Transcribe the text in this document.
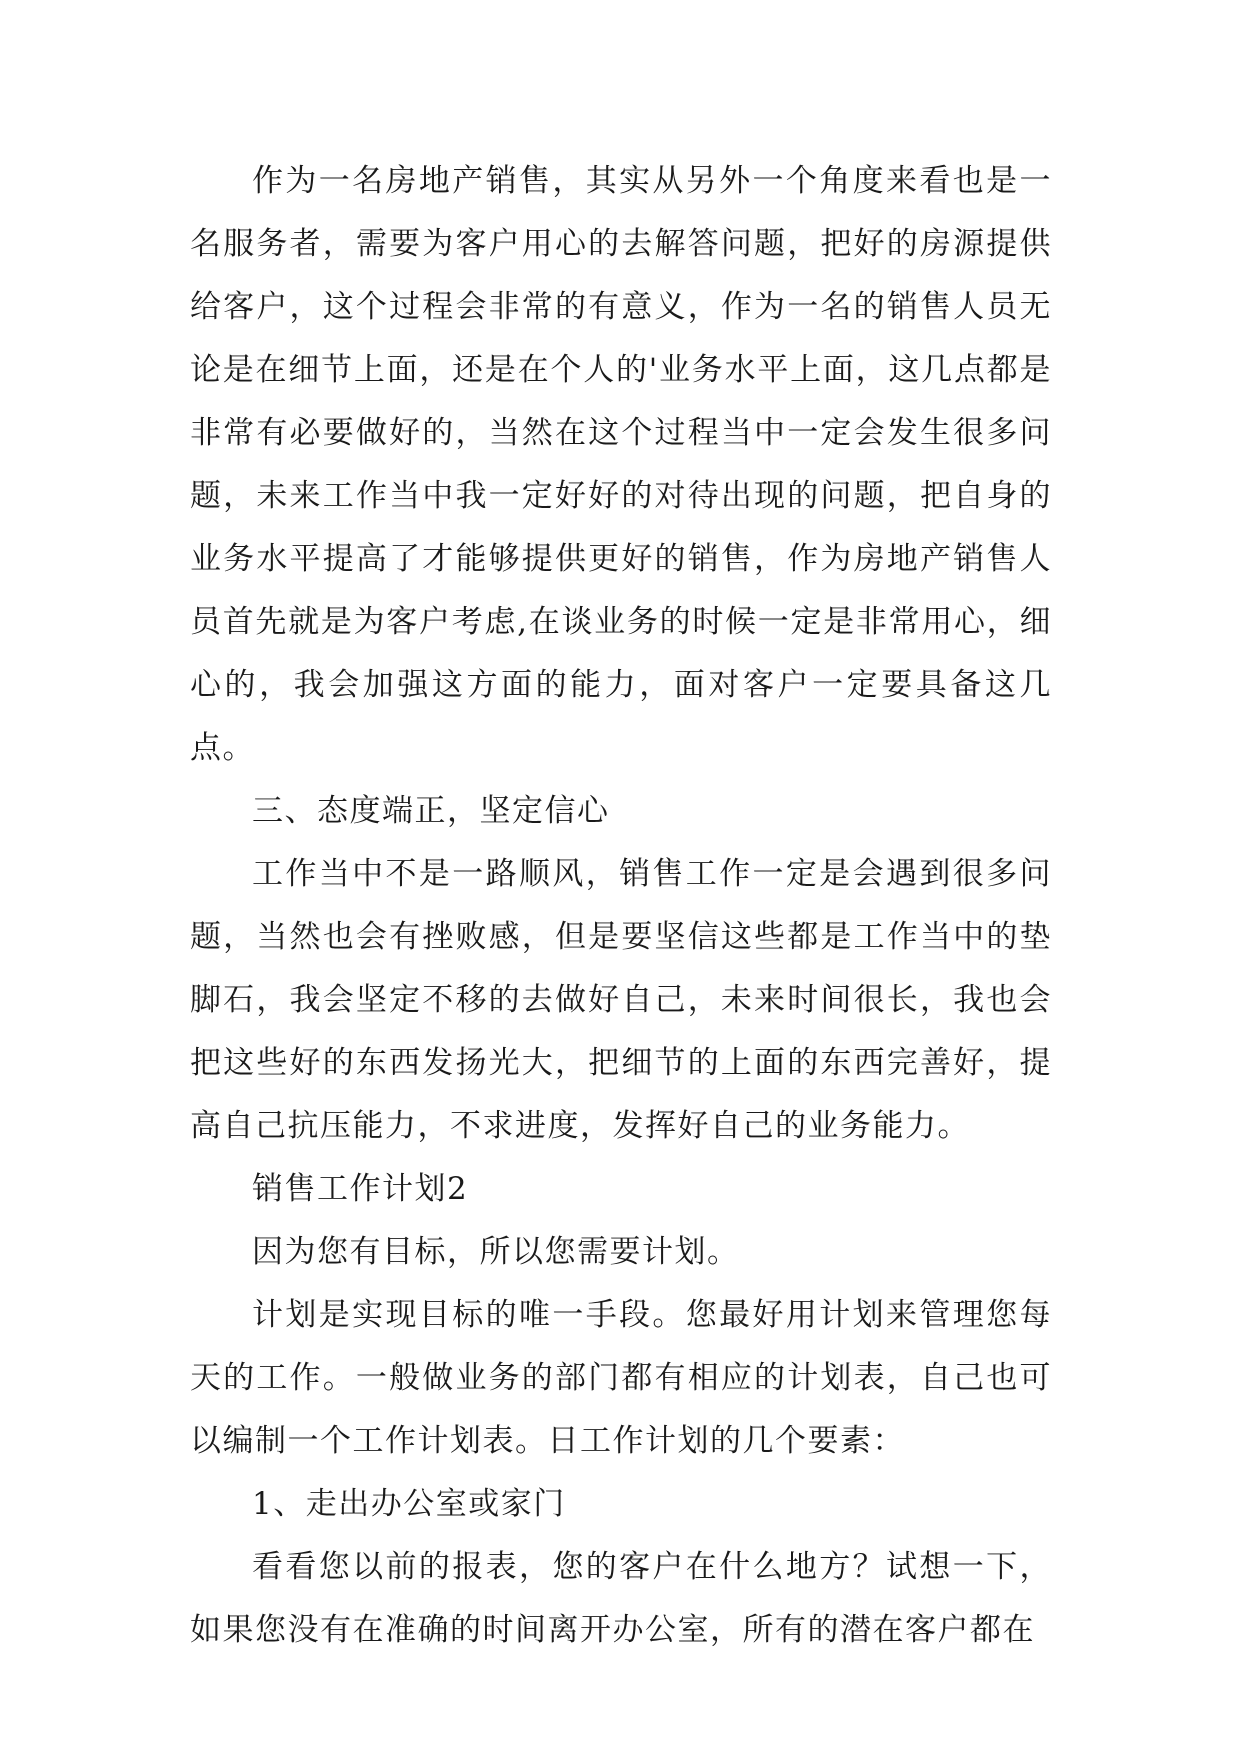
作为一名房地产销售，其实从另外一个角度来看也是一名服务者，需要为客户用心的去解答问题，把好的房源提供给客户，这个过程会非常的有意义，作为一名的销售人员无论是在细节上面，还是在个人的'业务水平上面，这几点都是非常有必要做好的，当然在这个过程当中一定会发生很多问题，未来工作当中我一定好好的对待出现的问题，把自身的业务水平提高了才能够提供更好的销售，作为房地产销售人员首先就是为客户考虑,在谈业务的时候一定是非常用心，细心的，我会加强这方面的能力，面对客户一定要具备这几点。

三、态度端正，坚定信心

工作当中不是一路顺风，销售工作一定是会遇到很多问题，当然也会有挫败感，但是要坚信这些都是工作当中的垫脚石，我会坚定不移的去做好自己，未来时间很长，我也会把这些好的东西发扬光大，把细节的上面的东西完善好，提高自己抗压能力，不求进度，发挥好自己的业务能力。

销售工作计划2

因为您有目标，所以您需要计划。

计划是实现目标的唯一手段。您最好用计划来管理您每天的工作。一般做业务的部门都有相应的计划表，自己也可以编制一个工作计划表。日工作计划的几个要素：

1、走出办公室或家门

看看您以前的报表，您的客户在什么地方？试想一下，如果您没有在准确的时间离开办公室，所有的潜在客户都在
